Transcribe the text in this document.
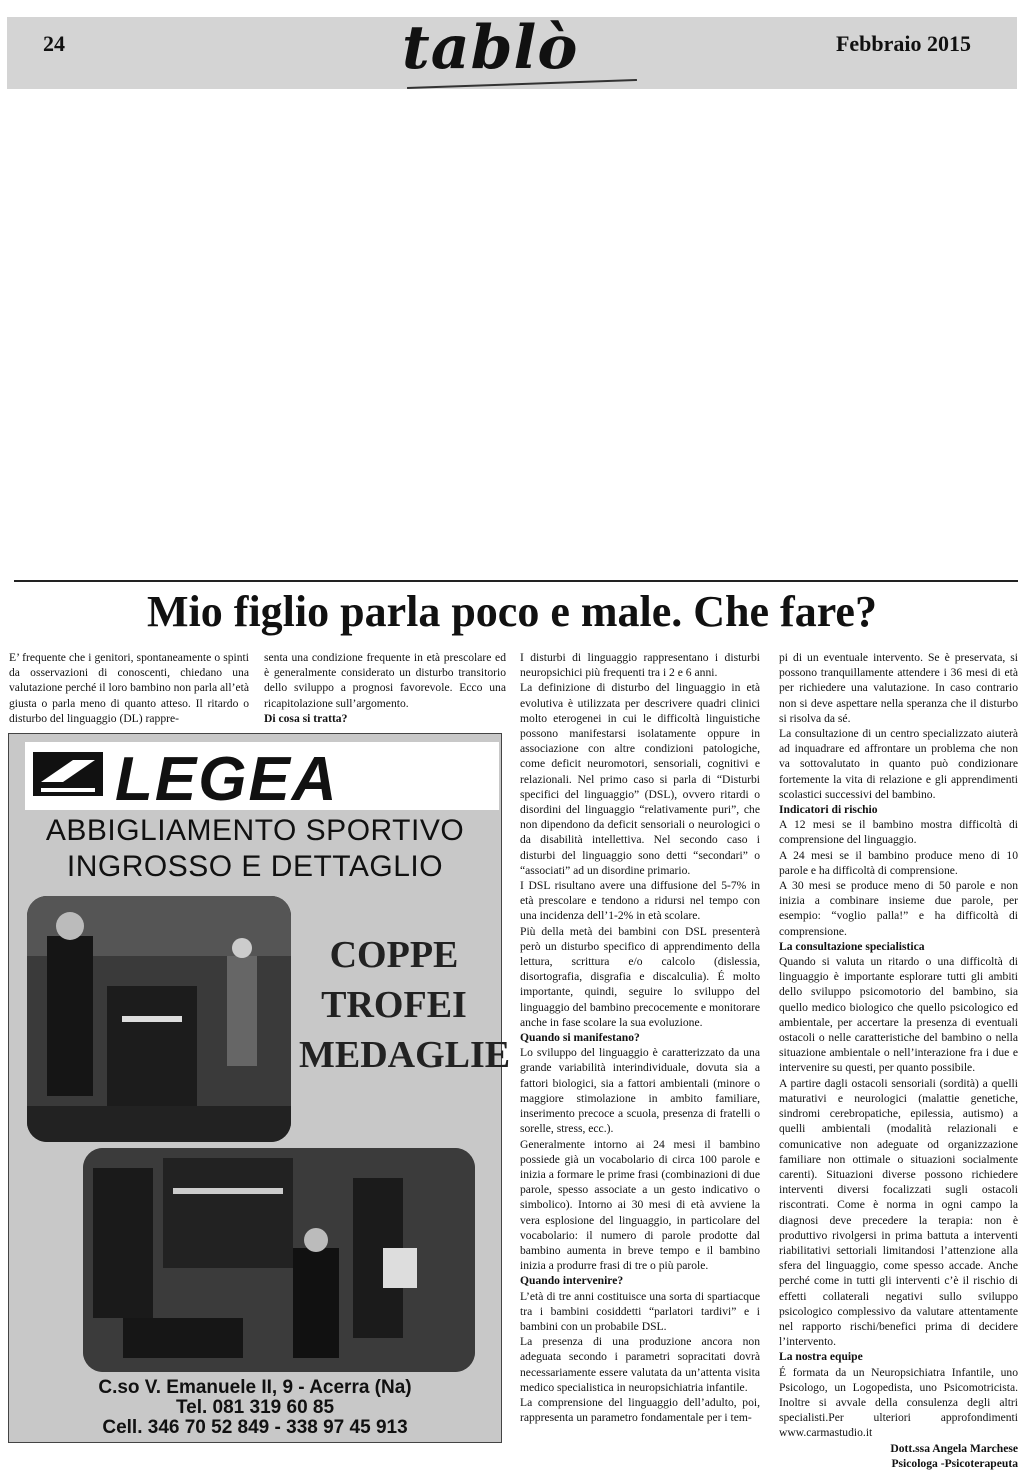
24	tablò	Febbraio 2015
Mio figlio parla poco e male. Che fare?

E’ frequente che i genitori, spontaneamente o spinti da osservazioni di conoscenti, chiedano una valutazione perché il loro bambino non parla all’età giusta o parla meno di quanto atteso. Il ritardo o disturbo del linguaggio (DL) rappre-

senta una condizione frequente in età prescolare ed è generalmente considerato un disturbo transitorio dello sviluppo a prognosi favorevole. Ecco una ricapitolazione sull’argomento.

Di cosa si tratta?

I disturbi di linguaggio rappresentano i disturbi neuropsichici più frequenti tra i 2 e 6 anni.

La definizione di disturbo del linguaggio in età evolutiva è utilizzata per descrivere quadri clinici molto eterogenei in cui le difficoltà linguistiche possono manifestarsi isolatamente oppure in associazione con altre condizioni patologiche, come deficit neuromotori, sensoriali, cognitivi e relazionali. Nel primo caso si parla di “Disturbi specifici del linguaggio” (DSL), ovvero ritardi o disordini del linguaggio “relativamente puri”, che non dipendono da deficit sensoriali o neurologici o da disabilità intellettiva. Nel secondo caso i disturbi del linguaggio sono detti “secondari” o “associati” ad un disordine primario.

I DSL risultano avere una diffusione del 5-7% in età prescolare e tendono a ridursi nel tempo con una incidenza dell’1-2% in età scolare.

Più della metà dei bambini con DSL presenterà però un disturbo specifico di apprendimento della lettura, scrittura e/o calcolo (dislessia, disortografia, disgrafia e discalculia). É molto importante, quindi, seguire lo sviluppo del linguaggio del bambino precocemente e monitorare anche in fase scolare la sua evoluzione.

Quando si manifestano?

Lo sviluppo del linguaggio è caratterizzato da una grande variabilità interindividuale, dovuta sia a fattori biologici, sia a fattori ambientali (minore o maggiore stimolazione in ambito familiare, inserimento precoce a scuola, presenza di fratelli o sorelle, stress, ecc.).

Generalmente intorno ai 24 mesi il bambino possiede già un vocabolario di circa 100 parole e inizia a formare le prime frasi (combinazioni di due parole, spesso associate a un gesto indicativo o simbolico). Intorno ai 30 mesi di età avviene la vera esplosione del linguaggio, in particolare del vocabolario: il numero di parole prodotte dal bambino aumenta in breve tempo e il bambino inizia a produrre frasi di tre o più parole.

Quando intervenire?

L’età di tre anni costituisce una sorta di spartiacque tra i bambini cosiddetti “parlatori tardivi” e i bambini con un probabile DSL.

La presenza di una produzione ancora non adeguata secondo i parametri sopracitati dovrà necessariamente essere valutata da un’attenta visita medico specialistica in neuropsichiatria infantile.

La comprensione del linguaggio dell’adulto, poi, rappresenta un parametro fondamentale per i tem-

pi di un eventuale intervento. Se è preservata, si possono tranquillamente attendere i 36 mesi di età per richiedere una valutazione. In caso contrario non si deve aspettare nella speranza che il disturbo si risolva da sé.

La consultazione di un centro specializzato aiuterà ad inquadrare ed affrontare un problema che non va sottovalutato in quanto può condizionare fortemente la vita di relazione e gli apprendimenti scolastici successivi del bambino.

Indicatori di rischio

A 12 mesi se il bambino mostra difficoltà di comprensione del linguaggio.

A 24 mesi se il bambino produce meno di 10 parole e ha difficoltà di comprensione.

A 30 mesi se produce meno di 50 parole e non inizia a combinare insieme due parole, per esempio: “voglio palla!” e ha difficoltà di comprensione.

La consultazione specialistica

Quando si valuta un ritardo o una difficoltà di linguaggio è importante esplorare tutti gli ambiti dello sviluppo psicomotorio del bambino, sia quello medico biologico che quello psicologico ed ambientale, per accertare la presenza di eventuali ostacoli o nelle caratteristiche del bambino o nella situazione ambientale o nell’interazione fra i due e intervenire su questi, per quanto possibile.

A partire dagli ostacoli sensoriali (sordità) a quelli maturativi e neurologici (malattie genetiche, sindromi cerebropatiche, epilessia, autismo) a quelli ambientali (modalità relazionali e comunicative non adeguate od organizzazione familiare non ottimale o situazioni socialmente carenti). Situazioni diverse possono richiedere interventi diversi focalizzati sugli ostacoli riscontrati. Come è norma in ogni campo la diagnosi deve precedere la terapia: non è produttivo rivolgersi in prima battuta a interventi riabilitativi settoriali limitandosi l’attenzione alla sfera del linguaggio, come spesso accade. Anche perché come in tutti gli interventi c’è il rischio di effetti collaterali negativi sullo sviluppo psicologico complessivo da valutare attentamente nel rapporto rischi/benefici prima di decidere l’intervento.

La nostra equipe

É formata da un Neuropsichiatra Infantile, uno Psicologo, un Logopedista, uno Psicomotricista. Inoltre si avvale della consulenza degli altri specialisti.Per ulteriori approfondimenti www.carmastudio.it

Dott.ssa Angela Marchese

Psicologa -Psicoterapeuta

LEGEA
ABBIGLIAMENTO SPORTIVO
INGROSSO E DETTAGLIO
COPPE
TROFEI
MEDAGLIE
C.so V. Emanuele II, 9 - Acerra (Na)
Tel. 081 319 60 85
Cell. 346 70 52 849 - 338 97 45 913
